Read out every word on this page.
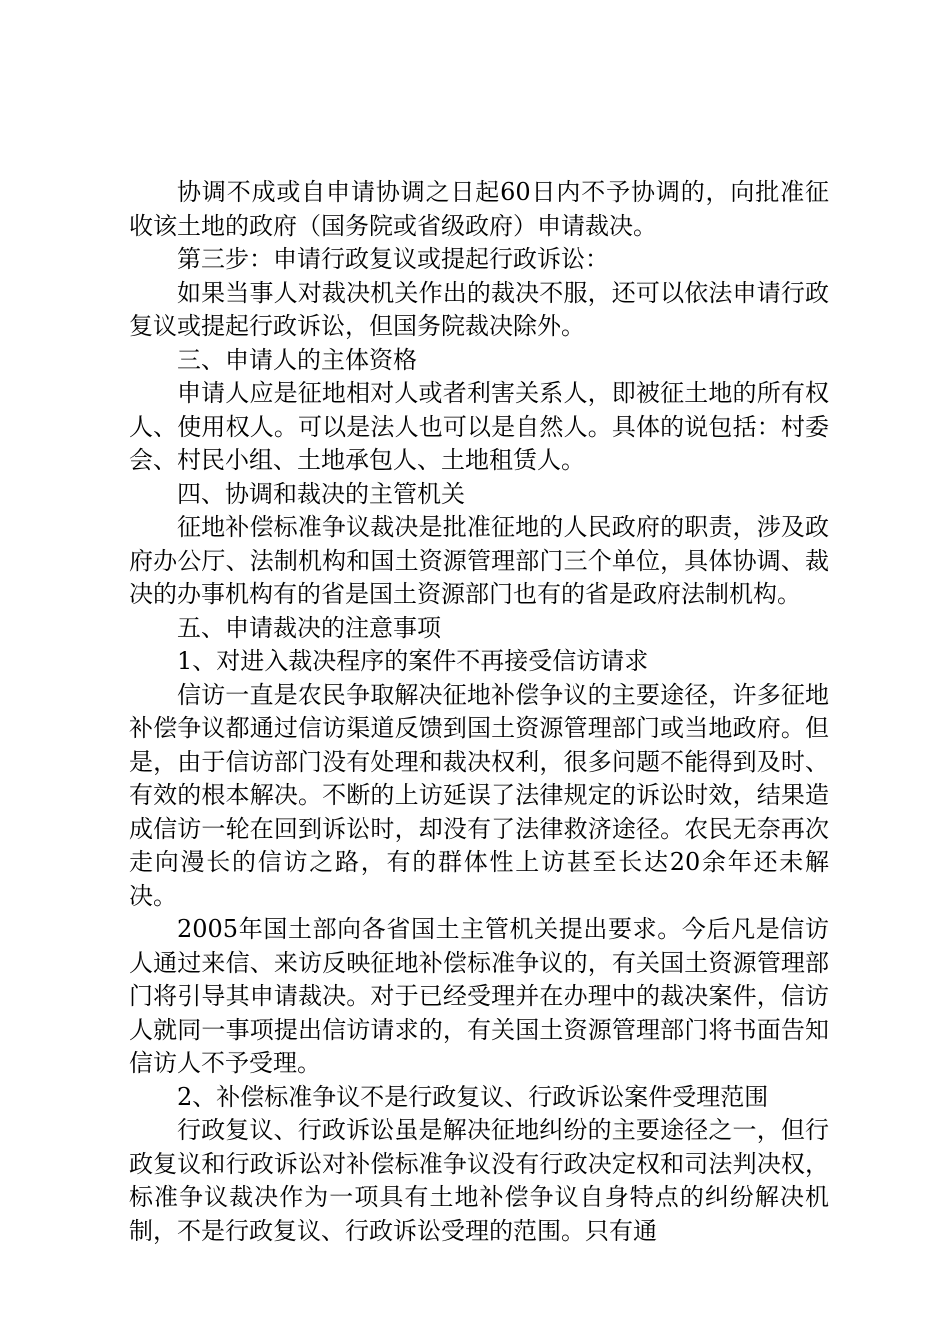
协调不成或自申请协调之日起60日内不予协调的，向批准征收该土地的政府（国务院或省级政府）申请裁决。

第三步：申请行政复议或提起行政诉讼：

如果当事人对裁决机关作出的裁决不服，还可以依法申请行政复议或提起行政诉讼，但国务院裁决除外。

三、申请人的主体资格

申请人应是征地相对人或者利害关系人，即被征土地的所有权人、使用权人。可以是法人也可以是自然人。具体的说包括：村委会、村民小组、土地承包人、土地租赁人。

四、协调和裁决的主管机关

征地补偿标准争议裁决是批准征地的人民政府的职责，涉及政府办公厅、法制机构和国土资源管理部门三个单位，具体协调、裁决的办事机构有的省是国土资源部门也有的省是政府法制机构。

五、申请裁决的注意事项

1、对进入裁决程序的案件不再接受信访请求

信访一直是农民争取解决征地补偿争议的主要途径，许多征地补偿争议都通过信访渠道反馈到国土资源管理部门或当地政府。但是，由于信访部门没有处理和裁决权利，很多问题不能得到及时、有效的根本解决。不断的上访延误了法律规定的诉讼时效，结果造成信访一轮在回到诉讼时，却没有了法律救济途径。农民无奈再次走向漫长的信访之路，有的群体性上访甚至长达20余年还未解决。

2005年国土部向各省国土主管机关提出要求。今后凡是信访人通过来信、来访反映征地补偿标准争议的，有关国土资源管理部门将引导其申请裁决。对于已经受理并在办理中的裁决案件，信访人就同一事项提出信访请求的，有关国土资源管理部门将书面告知信访人不予受理。

2、补偿标准争议不是行政复议、行政诉讼案件受理范围

行政复议、行政诉讼虽是解决征地纠纷的主要途径之一，但行政复议和行政诉讼对补偿标准争议没有行政决定权和司法判决权，标准争议裁决作为一项具有土地补偿争议自身特点的纠纷解决机制，不是行政复议、行政诉讼受理的范围。只有通
